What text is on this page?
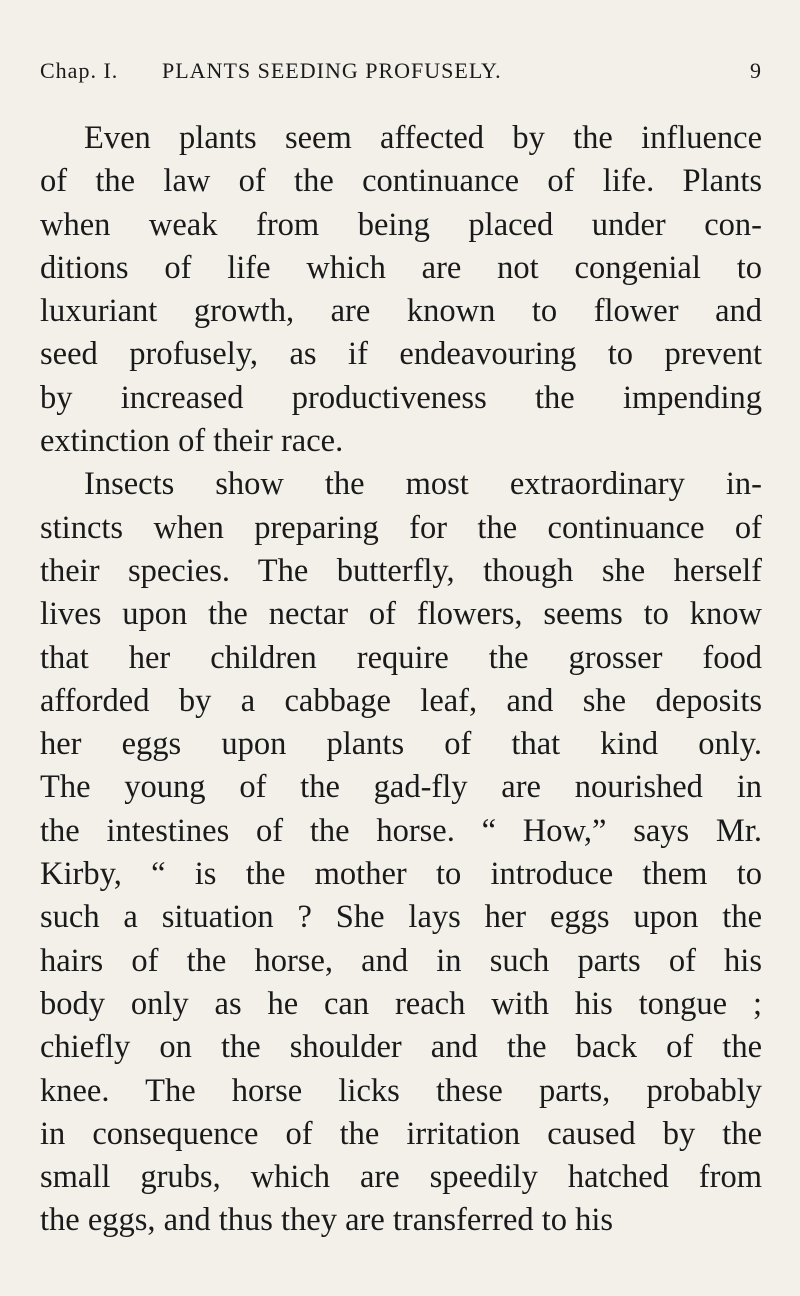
Chap. I. PLANTS SEEDING PROFUSELY.	9
Even plants seem affected by the influence
of the law of the continuance of life. Plants
when weak from being placed under con-
ditions of life which are not congenial to
luxuriant growth, are known to flower and
seed profusely, as if endeavouring to prevent
by increased productiveness the impending
extinction of their race.
Insects show the most extraordinary in-
stincts when preparing for the continuance of
their species. The butterfly, though she herself
lives upon the nectar of flowers, seems to know
that her children require the grosser food
afforded by a cabbage leaf, and she deposits
her eggs upon plants of that kind only.
The young of the gad-fly are nourished in
the intestines of the horse. “ How,” says Mr.
Kirby, “ is the mother to introduce them to
such a situation ? She lays her eggs upon the
hairs of the horse, and in such parts of his
body only as he can reach with his tongue ;
chiefly on the shoulder and the back of the
knee. The horse licks these parts, probably
in consequence of the irritation caused by the
small grubs, which are speedily hatched from
the eggs, and thus they are transferred to his
